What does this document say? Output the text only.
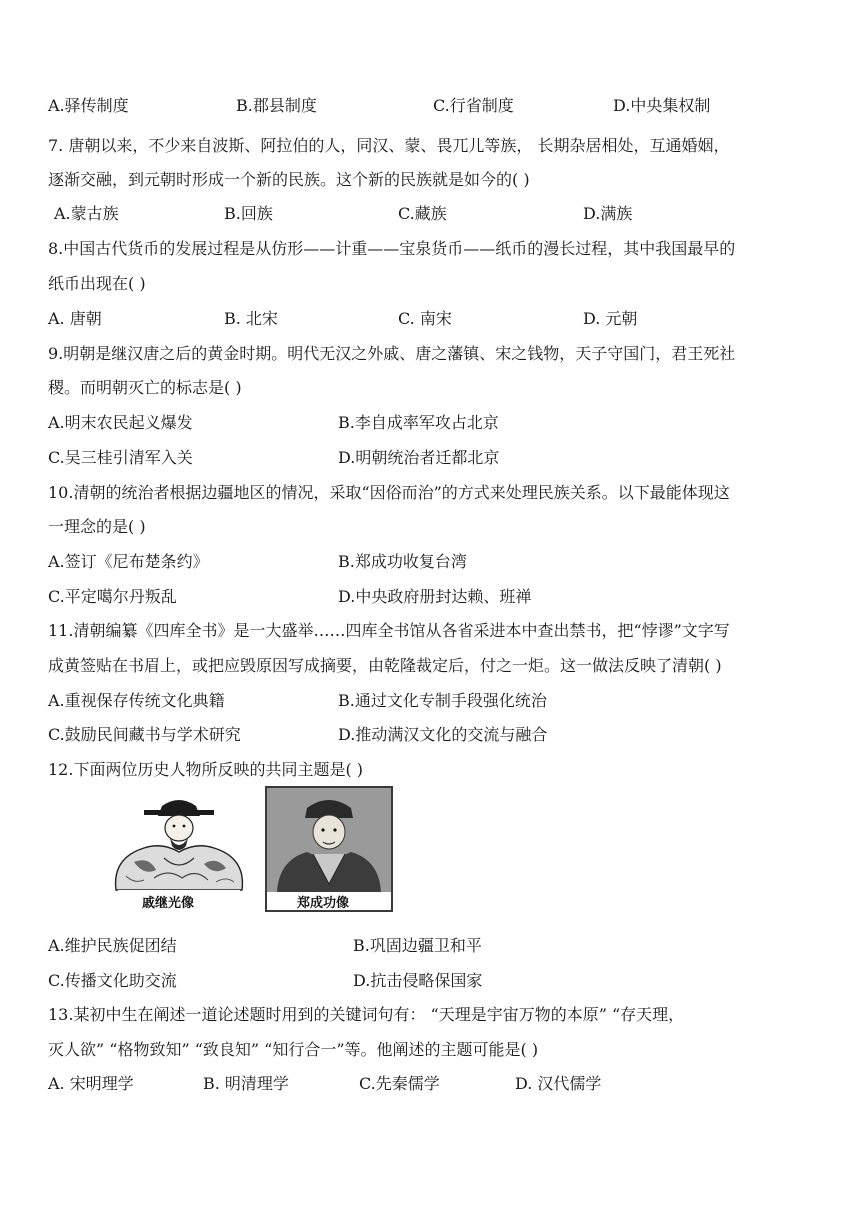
A.驿传制度	B.郡县制度	C.行省制度	D.中央集权制
7. 唐朝以来，不少来自波斯、阿拉伯的人，同汉、蒙、畏兀儿等族， 长期杂居相处，互通婚姻，
逐渐交融，到元朝时形成一个新的民族。这个新的民族就是如今的( )
A.蒙古族	B.回族	C.藏族	D.满族
8.中国古代货币的发展过程是从仿形——计重——宝泉货币——纸币的漫长过程，其中我国最早的
纸币出现在( )
A. 唐朝	B. 北宋	C. 南宋	D. 元朝
9.明朝是继汉唐之后的黄金时期。明代无汉之外戚、唐之藩镇、宋之钱物，天子守国门，君王死社
稷。而明朝灭亡的标志是( )
A.明末农民起义爆发	B.李自成率军攻占北京
C.吴三桂引清军入关	D.明朝统治者迁都北京
10.清朝的统治者根据边疆地区的情况，采取“因俗而治”的方式来处理民族关系。以下最能体现这
一理念的是( )
A.签订《尼布楚条约》	B.郑成功收复台湾
C.平定噶尔丹叛乱	D.中央政府册封达赖、班禅
11.清朝编纂《四库全书》是一大盛举……四库全书馆从各省采进本中查出禁书，把“悖谬”文字写
成黄签贴在书眉上，或把应毁原因写成摘要，由乾隆裁定后，付之一炬。这一做法反映了清朝( )
A.重视保存传统文化典籍	B.通过文化专制手段强化统治
C.鼓励民间藏书与学术研究	D.推动满汉文化的交流与融合
12.下面两位历史人物所反映的共同主题是( )
戚继光像	郑成功像
A.维护民族促团结	B.巩固边疆卫和平
C.传播文化助交流	D.抗击侵略保国家
13.某初中生在阐述一道论述题时用到的关键词句有： “天理是宇宙万物的本原” “存天理，
灭人欲” “格物致知” “致良知” “知行合一”等。他阐述的主题可能是( )
A. 宋明理学	B. 明清理学	C.先秦儒学	D. 汉代儒学
